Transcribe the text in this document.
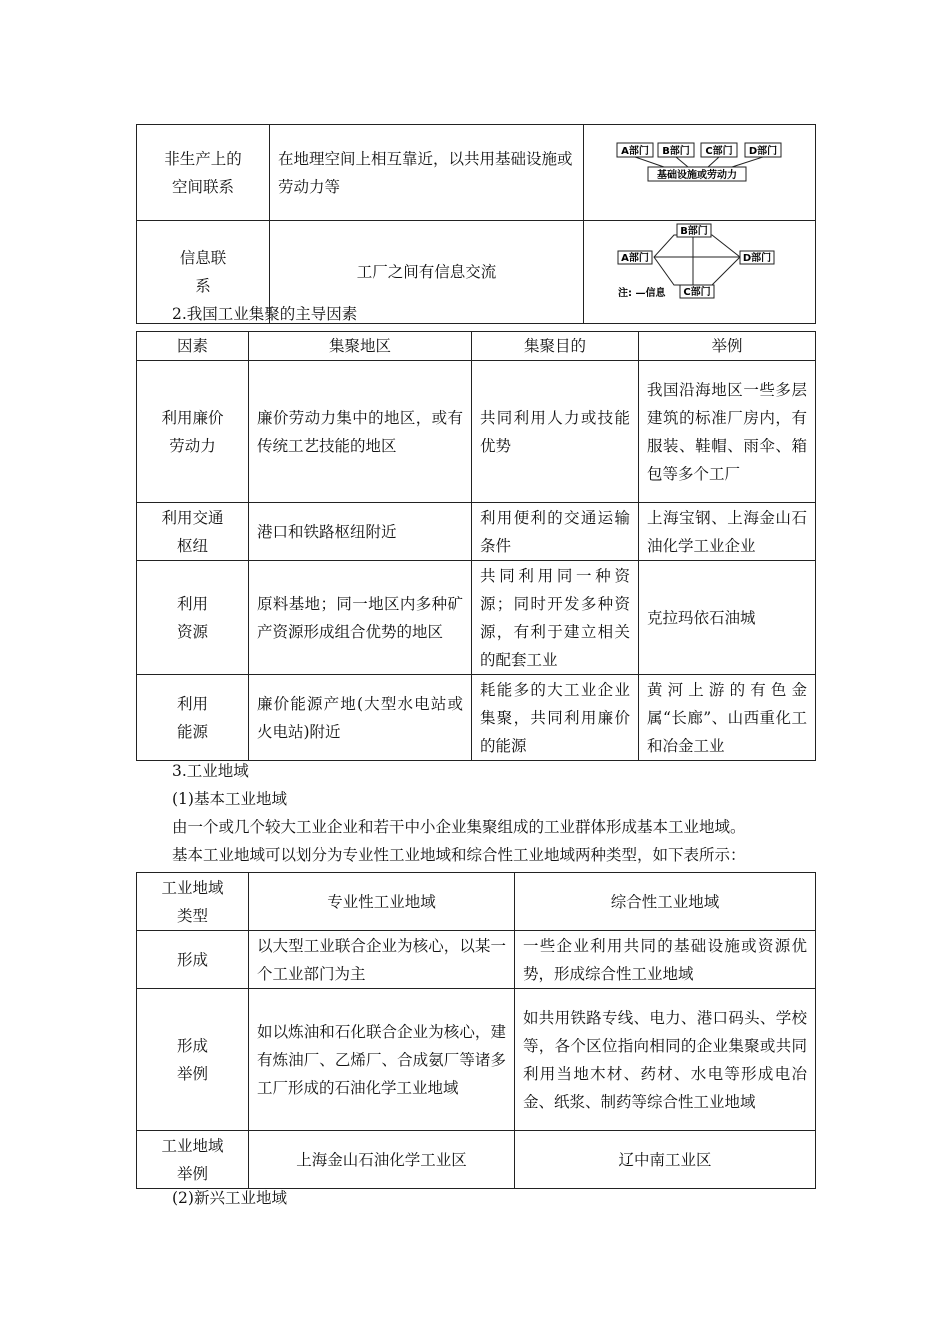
非生产上的空间联系	在地理空间上相互靠近，以共用基础设施或劳动力等	A部门 B部门 C部门 D部门
基础设施或劳动力

信息联系	工厂之间有信息交流	B部门
A部门 D部门
C部门
注: —信息
2.我国工业集聚的主导因素
因素	集聚地区	集聚目的	举例
利用廉价劳动力	廉价劳动力集中的地区，或有传统工艺技能的地区	共同利用人力或技能优势	我国沿海地区一些多层建筑的标准厂房内，有服装、鞋帽、雨伞、箱包等多个工厂
利用交通枢纽	港口和铁路枢纽附近	利用便利的交通运输条件	上海宝钢、上海金山石油化学工业企业
利用资源	原料基地；同一地区内多种矿产资源形成组合优势的地区	共同利用同一种资源；同时开发多种资源，有利于建立相关的配套工业	克拉玛依石油城
利用能源	廉价能源产地(大型水电站或火电站)附近	耗能多的大工业企业集聚，共同利用廉价的能源	黄河上游的有色金属“长廊”、山西重化工和冶金工业
3.工业地域
(1)基本工业地域
由一个或几个较大工业企业和若干中小企业集聚组成的工业群体形成基本工业地域。
基本工业地域可以划分为专业性工业地域和综合性工业地域两种类型，如下表所示：
工业地域类型	专业性工业地域	综合性工业地域
形成	以大型工业联合企业为核心，以某一个工业部门为主	一些企业利用共同的基础设施或资源优势，形成综合性工业地域
形成举例	如以炼油和石化联合企业为核心，建有炼油厂、乙烯厂、合成氨厂等诸多工厂形成的石油化学工业地域	如共用铁路专线、电力、港口码头、学校等，各个区位指向相同的企业集聚或共同利用当地木材、药材、水电等形成电冶金、纸浆、制药等综合性工业地域
工业地域举例	上海金山石油化学工业区	辽中南工业区
(2)新兴工业地域
